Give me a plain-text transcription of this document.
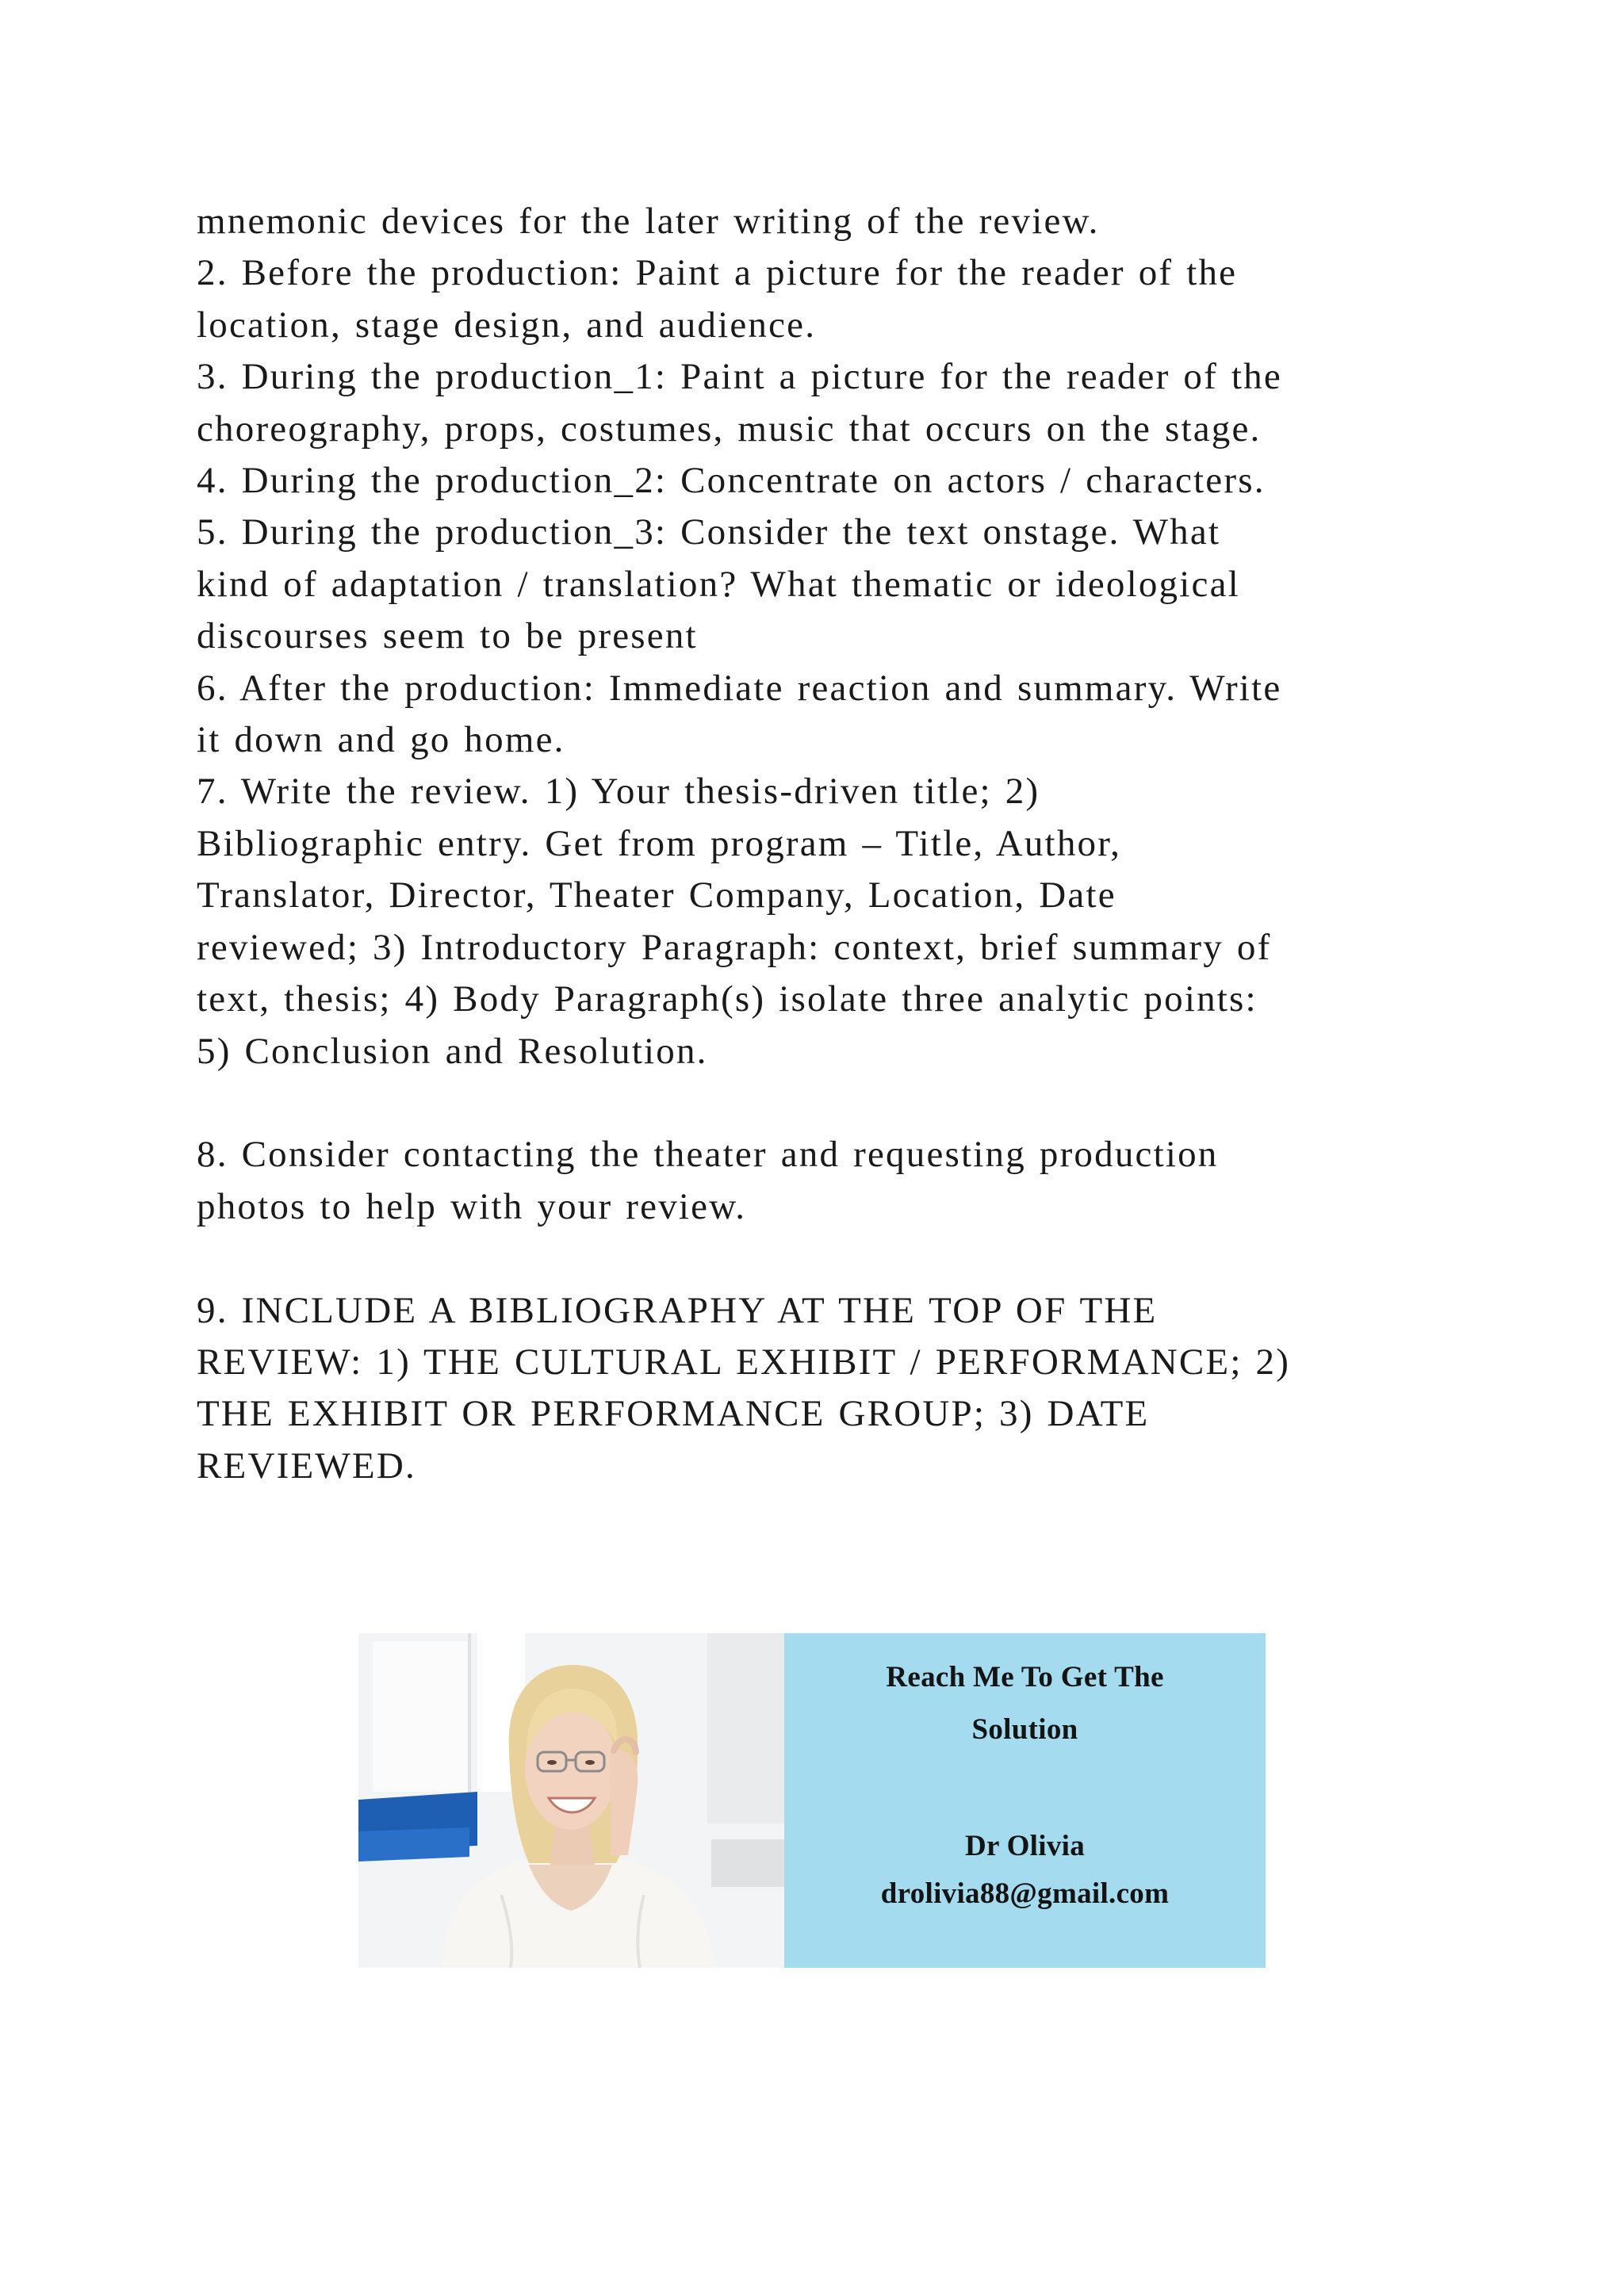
mnemonic devices for the later writing of the review.
2. Before the production: Paint a picture for the reader of the
location, stage design, and audience.
3. During the production_1: Paint a picture for the reader of the
choreography, props, costumes, music that occurs on the stage.
4. During the production_2: Concentrate on actors / characters.
5. During the production_3: Consider the text onstage. What
kind of adaptation / translation? What thematic or ideological
discourses seem to be present
6. After the production: Immediate reaction and summary. Write
it down and go home.
7. Write the review. 1) Your thesis-driven title; 2)
Bibliographic entry. Get from program – Title, Author,
Translator, Director, Theater Company, Location, Date
reviewed; 3) Introductory Paragraph: context, brief summary of
text, thesis; 4) Body Paragraph(s) isolate three analytic points:
5) Conclusion and Resolution.
8. Consider contacting the theater and requesting production
photos to help with your review.
9. INCLUDE A BIBLIOGRAPHY AT THE TOP OF THE
REVIEW: 1) THE CULTURAL EXHIBIT / PERFORMANCE; 2)
THE EXHIBIT OR PERFORMANCE GROUP; 3) DATE
REVIEWED.
Reach Me To Get The
Solution
Dr Olivia
drolivia88@gmail.com
